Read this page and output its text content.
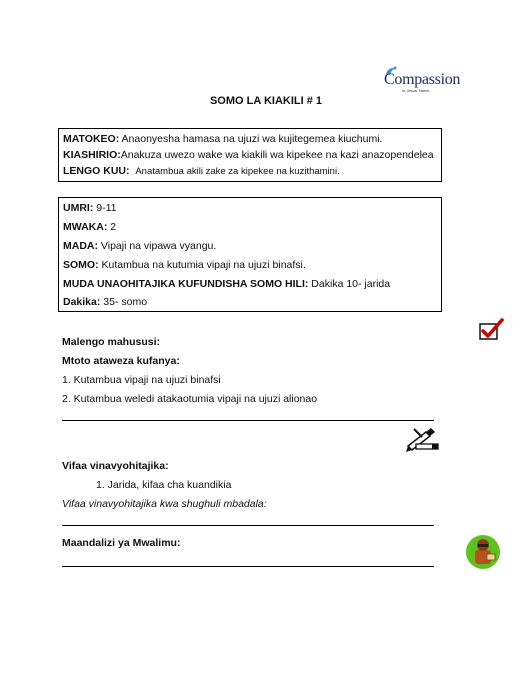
Compassion
In Jesus' Name
SOMO LA KIAKILI # 1
MATOKEO: Anaonyesha hamasa na ujuzi wa kujitegemea kiuchumi.
KIASHIRIO:Anakuza uwezo wake wa kiakili wa kipekee na kazi anazopendelea
LENGO KUU: Anatambua akili zake za kipekee na kuzithamini.
UMRI: 9-11
MWAKA: 2
MADA: Vipaji na vipawa vyangu.
SOMO: Kutambua na kutumia vipaji na ujuzi binafsi.
MUDA UNAOHITAJIKA KUFUNDISHA SOMO HILI: Dakika 10- jarida
Dakika: 35- somo
Malengo mahususi:
Mtoto ataweza kufanya:
1. Kutambua vipaji na ujuzi binafsi
2. Kutambua weledi atakaotumia vipaji na ujuzi alionao
Vifaa vinavyohitajika:
1. Jarida, kifaa cha kuandikia
Vifaa vinavyohitajika kwa shughuli mbadala:
Maandalizi ya Mwalimu:
